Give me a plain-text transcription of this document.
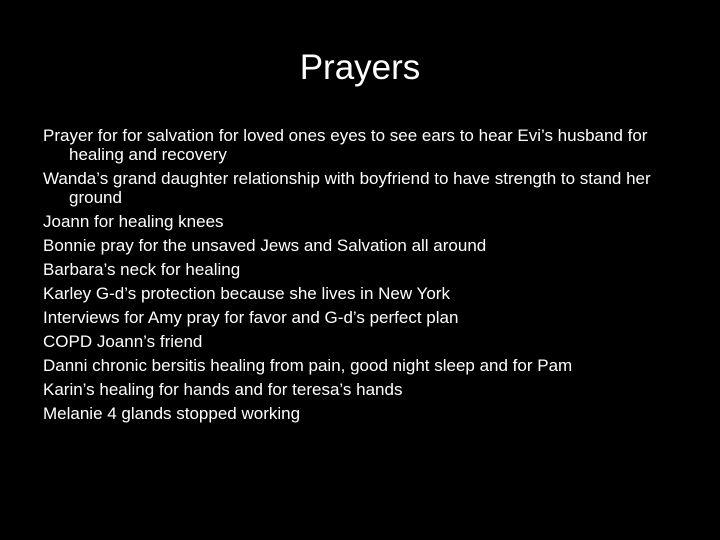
Prayers
Prayer for for salvation for loved ones eyes to see ears to hear Evi’s husband for healing and recovery
Wanda’s grand daughter relationship with boyfriend to have strength to stand her ground
Joann for healing knees
Bonnie pray for the unsaved Jews and Salvation all around
Barbara’s neck for healing
Karley G-d’s protection because she lives in New York
Interviews for Amy pray for favor and G-d’s perfect plan
COPD Joann’s friend
Danni chronic bersitis healing from pain, good night sleep and for Pam
Karin’s healing for hands and for teresa’s hands
Melanie 4 glands stopped working
